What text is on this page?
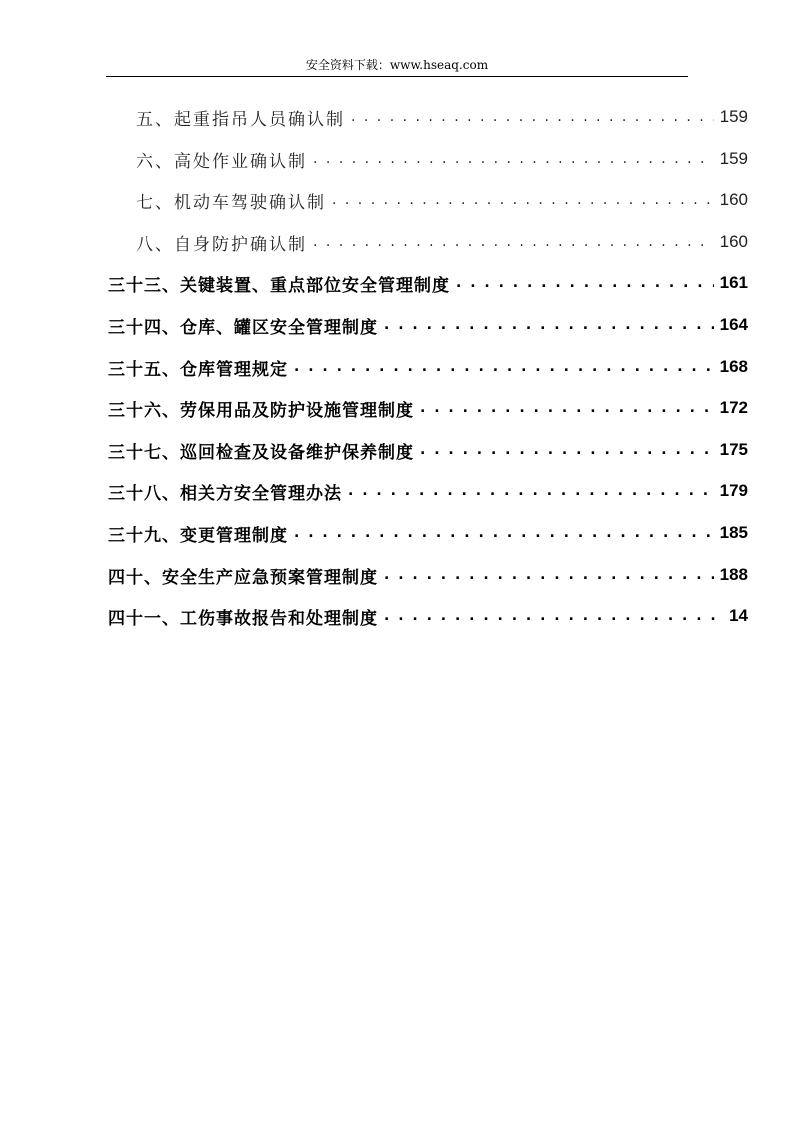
安全资料下载：www.hseaq.com
五、起重指吊人员确认制 . . .	159
六、高处作业确认制 . . .	159
七、机动车驾驶确认制 . . .	160
八、自身防护确认制 . . .	160
三十三、关键装置、重点部位安全管理制度 . . .	161
三十四、仓库、罐区安全管理制度 . . .	164
三十五、仓库管理规定 . . .	168
三十六、劳保用品及防护设施管理制度 . . .	172
三十七、巡回检查及设备维护保养制度 . . .	175
三十八、相关方安全管理办法 . . .	179
三十九、变更管理制度 . . .	185
四十、安全生产应急预案管理制度 . . .	188
四十一、工伤事故报告和处理制度 . . .	14
